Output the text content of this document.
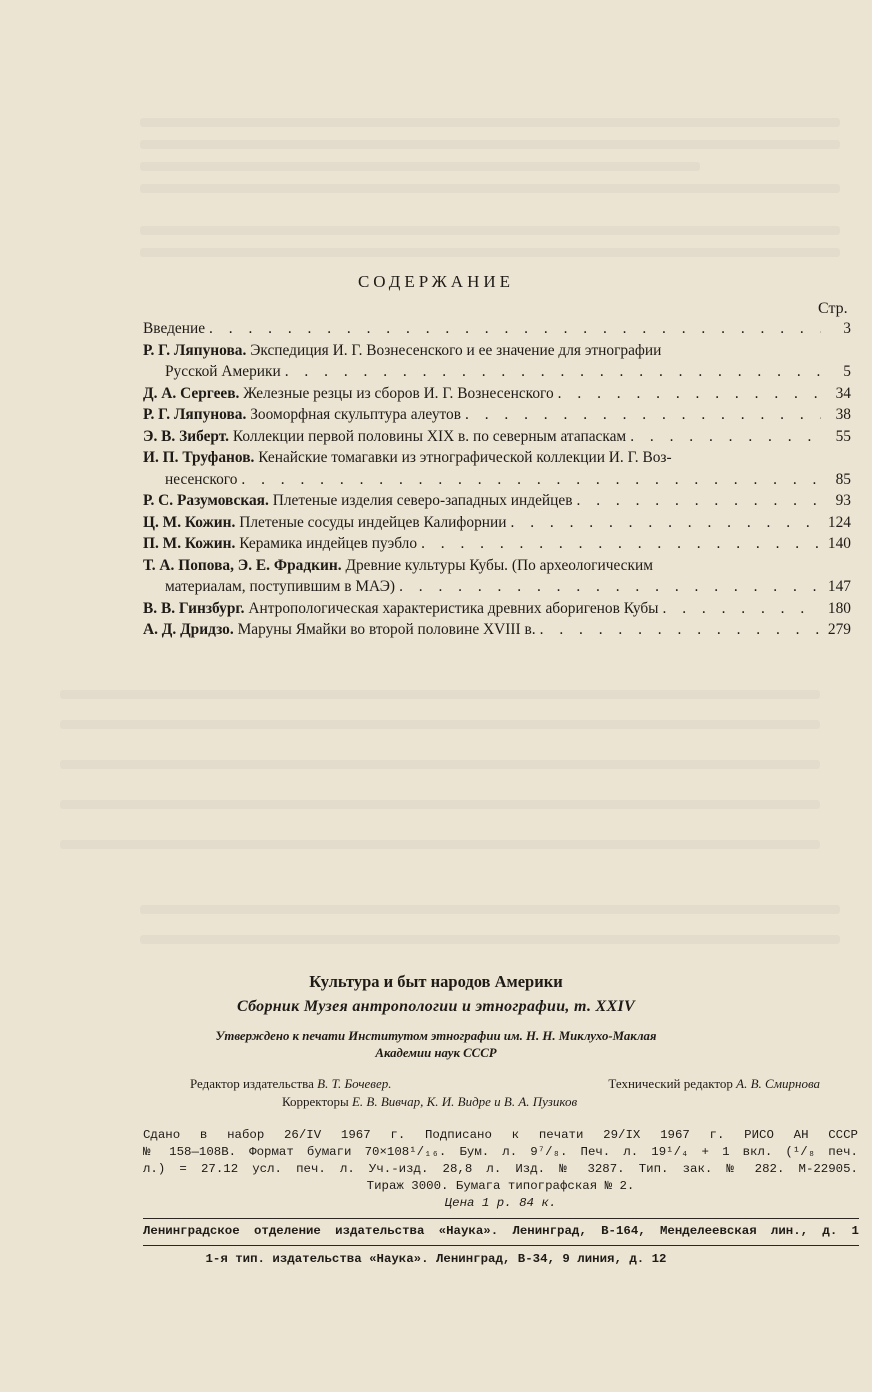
СОДЕРЖАНИЕ
Стр.
Введение . . .	3
Р. Г. Ляпунова. Экспедиция И. Г. Вознесенского и ее значение для этнографии
Русской Америки . . .	5
Д. А. Сергеев. Железные резцы из сборов И. Г. Вознесенского . . .	34
Р. Г. Ляпунова. Зооморфная скульптура алеутов . . .	38
Э. В. Зиберт. Коллекции первой половины XIX в. по северным атапаскам . . .	55
И. П. Труфанов. Кенайские томагавки из этнографической коллекции И. Г. Воз-
несенского . . .	85
Р. С. Разумовская. Плетеные изделия северо-западных индейцев . . .	93
Ц. М. Кожин. Плетеные сосуды индейцев Калифорнии . . .	124
П. М. Кожин. Керамика индейцев пуэбло . . .	140
Т. А. Попова, Э. Е. Фрадкин. Древние культуры Кубы. (По археологическим
материалам, поступившим в МАЭ) . . .	147
В. В. Гинзбург. Антропологическая характеристика древних аборигенов Кубы . . .	180
А. Д. Дридзо. Маруны Ямайки во второй половине XVIII в. . . .	279
Культура и быт народов Америки
Сборник Музея антропологии и этнографии, т. XXIV
Утверждено к печати Институтом этнографии им. Н. Н. Миклухо-Маклая
Академии наук СССР
Редактор издательства В. Т. Бочевер.	Технический редактор А. В. Смирнова
Корректоры Е. В. Вивчар, К. И. Видре и В. А. Пузиков
Сдано в набор 26/IV 1967 г. Подписано к печати 29/IX 1967 г. РИСО АН СССР
№ 158—108В. Формат бумаги 70×108¹/₁₆. Бум. л. 9⁷/₈. Печ. л. 19¹/₄ + 1 вкл. (¹/₈ печ.
л.) = 27.12 усл. печ. л. Уч.-изд. 28,8 л. Изд. № 3287. Тип. зак. № 282. М-22905.
Тираж 3000. Бумага типографская № 2.
Цена 1 р. 84 к.
Ленинградское отделение издательства «Наука». Ленинград, В-164, Менделеевская лин., д. 1
1-я тип. издательства «Наука». Ленинград, В-34, 9 линия, д. 12
